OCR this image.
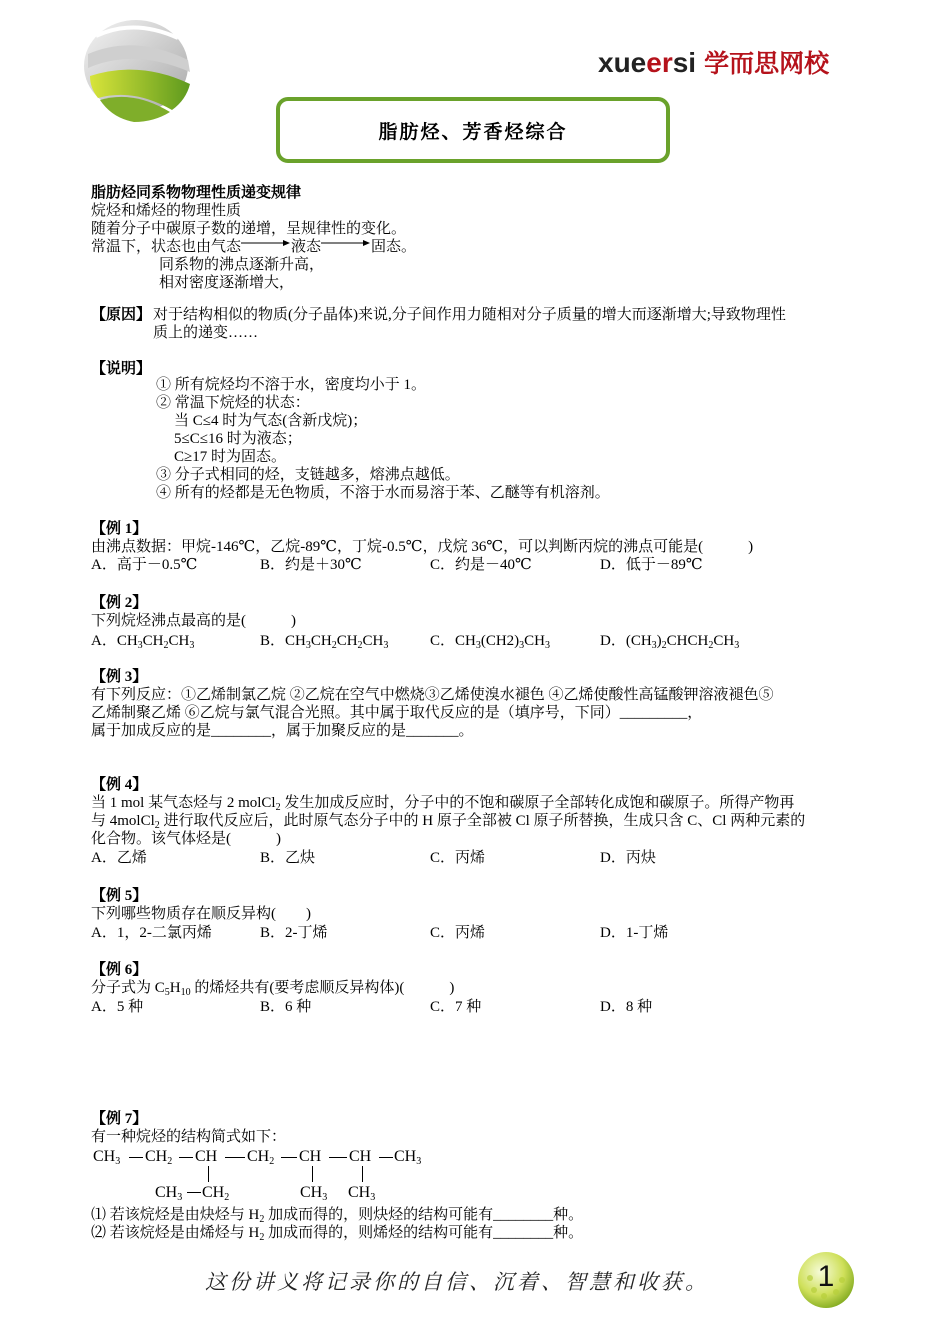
xueersi 学而思网校
脂肪烃、芳香烃综合
脂肪烃同系物物理性质递变规律
烷烃和烯烃的物理性质
随着分子中碳原子数的递增，呈规律性的变化。
常温下，状态也由气态	液态	固态。
同系物的沸点逐渐升高，
相对密度逐渐增大，
【原因】 对于结构相似的物质(分子晶体)来说,分子间作用力随相对分子质量的增大而逐渐增大;导致物理性
质上的递变……
【说明】
① 所有烷烃均不溶于水，密度均小于 1。
② 常温下烷烃的状态：
当 C≤4 时为气态(含新戊烷)；
5≤C≤16 时为液态；
C≥17 时为固态。
③ 分子式相同的烃，支链越多，熔沸点越低。
④ 所有的烃都是无色物质，不溶于水而易溶于苯、乙醚等有机溶剂。
【例 1】
由沸点数据：甲烷-146℃，乙烷-89℃，丁烷-0.5℃，戊烷 36℃，可以判断丙烷的沸点可能是(　　　)
A．高于－0.5℃	B．约是＋30℃	C．约是－40℃	D．低于－89℃
【例 2】
下列烷烃沸点最高的是(　　　)
A．$CH_3CH_2CH_3$	B．$CH_3CH_2CH_2CH_3$	C．$CH_3(CH2)_3CH_3$	D．$(CH_3)_2CHCH_2CH_3$
【例 3】
有下列反应：①乙烯制氯乙烷 ②乙烷在空气中燃烧③乙烯使溴水褪色 ④乙烯使酸性高锰酸钾溶液褪色⑤
乙烯制聚乙烯 ⑥乙烷与氯气混合光照。其中属于取代反应的是（填序号，下同）_________，
属于加成反应的是________，属于加聚反应的是_______。
【例 4】
当 1 mol 某气态烃与 2 molCl$_2$ 发生加成反应时，分子中的不饱和碳原子全部转化成饱和碳原子。所得产物再
与 4molCl$_2$ 进行取代反应后，此时原气态分子中的 H 原子全部被 Cl 原子所替换，生成只含 C、Cl 两种元素的
化合物。该气体烃是(　　　)
A．乙烯	B．乙炔	C．丙烯	D．丙炔
【例 5】
下列哪些物质存在顺反异构(　　)
A．1，2-二氯丙烯	B．2-丁烯	C．丙烯	D．1-丁烯
【例 6】
分子式为 $C_5H_{10}$ 的烯烃共有(要考虑顺反异构体)(　　　)
A．5 种	B．6 种	C．7 种	D．8 种
【例 7】
有一种烷烃的结构简式如下：
$CH_3$ $CH_2$ CH $CH_2$ CH CH $CH_3$
$CH_3$ $CH_2$	$CH_3$ $CH_3$
⑴ 若该烷烃是由炔烃与 $H_2$ 加成而得的，则炔烃的结构可能有________种。
⑵ 若该烷烃是由烯烃与 $H_2$ 加成而得的，则烯烃的结构可能有________种。
这份讲义将记录你的自信、沉着、智慧和收获。	1
